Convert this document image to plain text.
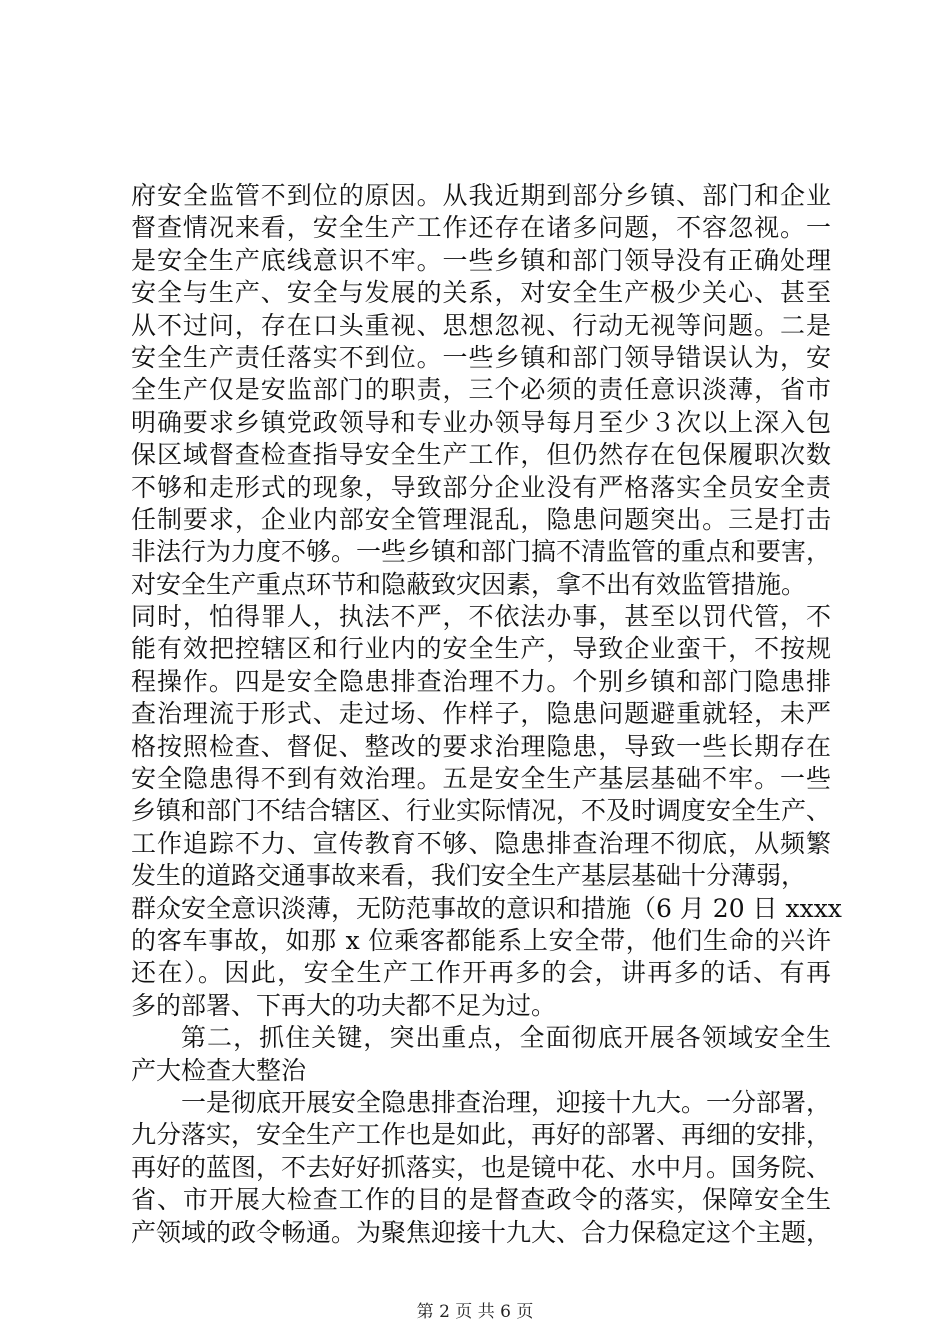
府安全监管不到位的原因。从我近期到部分乡镇、部门和企业
督查情况来看，安全生产工作还存在诸多问题，不容忽视。一
是安全生产底线意识不牢。一些乡镇和部门领导没有正确处理
安全与生产、安全与发展的关系，对安全生产极少关心、甚至
从不过问，存在口头重视、思想忽视、行动无视等问题。二是
安全生产责任落实不到位。一些乡镇和部门领导错误认为，安
全生产仅是安监部门的职责，三个必须的责任意识淡薄，省市
明确要求乡镇党政领导和专业办领导每月至少３次以上深入包
保区域督查检查指导安全生产工作，但仍然存在包保履职次数
不够和走形式的现象，导致部分企业没有严格落实全员安全责
任制要求，企业内部安全管理混乱，隐患问题突出。三是打击
非法行为力度不够。一些乡镇和部门搞不清监管的重点和要害，
对安全生产重点环节和隐蔽致灾因素，拿不出有效监管措施。
同时，怕得罪人，执法不严，不依法办事，甚至以罚代管，不
能有效把控辖区和行业内的安全生产，导致企业蛮干，不按规
程操作。四是安全隐患排查治理不力。个别乡镇和部门隐患排
查治理流于形式、走过场、作样子，隐患问题避重就轻，未严
格按照检查、督促、整改的要求治理隐患，导致一些长期存在
安全隐患得不到有效治理。五是安全生产基层基础不牢。一些
乡镇和部门不结合辖区、行业实际情况，不及时调度安全生产、
工作追踪不力、宣传教育不够、隐患排查治理不彻底，从频繁
发生的道路交通事故来看，我们安全生产基层基础十分薄弱，
群众安全意识淡薄，无防范事故的意识和措施（6 月 20 日 xxxx
的客车事故，如那 x 位乘客都能系上安全带，他们生命的兴许
还在）。因此，安全生产工作开再多的会，讲再多的话、有再
多的部署、下再大的功夫都不足为过。
第二，抓住关键，突出重点，全面彻底开展各领域安全生
产大检查大整治
一是彻底开展安全隐患排查治理，迎接十九大。一分部署，
九分落实，安全生产工作也是如此，再好的部署、再细的安排，
再好的蓝图，不去好好抓落实，也是镜中花、水中月。国务院、
省、市开展大检查工作的目的是督查政令的落实，保障安全生
产领域的政令畅通。为聚焦迎接十九大、合力保稳定这个主题，
第 2 页 共 6 页
